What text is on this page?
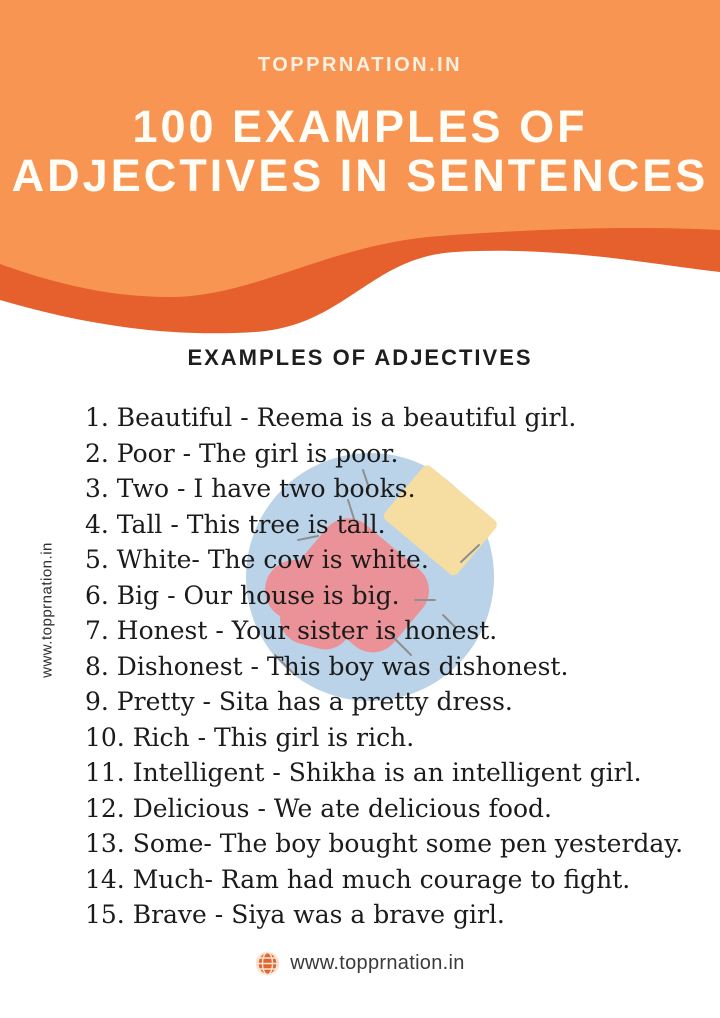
TOPPRNATION.IN
100 EXAMPLES OF
ADJECTIVES IN SENTENCES
www.topprnation.in
EXAMPLES OF ADJECTIVES
1. Beautiful - Reema is a beautiful girl.
2. Poor - The girl is poor.
3. Two - I have two books.
4. Tall - This tree is tall.
5. White- The cow is white.
6. Big - Our house is big.
7. Honest - Your sister is honest.
8. Dishonest - This boy was dishonest.
9. Pretty - Sita has a pretty dress.
10. Rich - This girl is rich.
11. Intelligent - Shikha is an intelligent girl.
12. Delicious - We ate delicious food.
13. Some- The boy bought some pen yesterday.
14. Much- Ram had much courage to fight.
15. Brave - Siya was a brave girl.
www.topprnation.in
